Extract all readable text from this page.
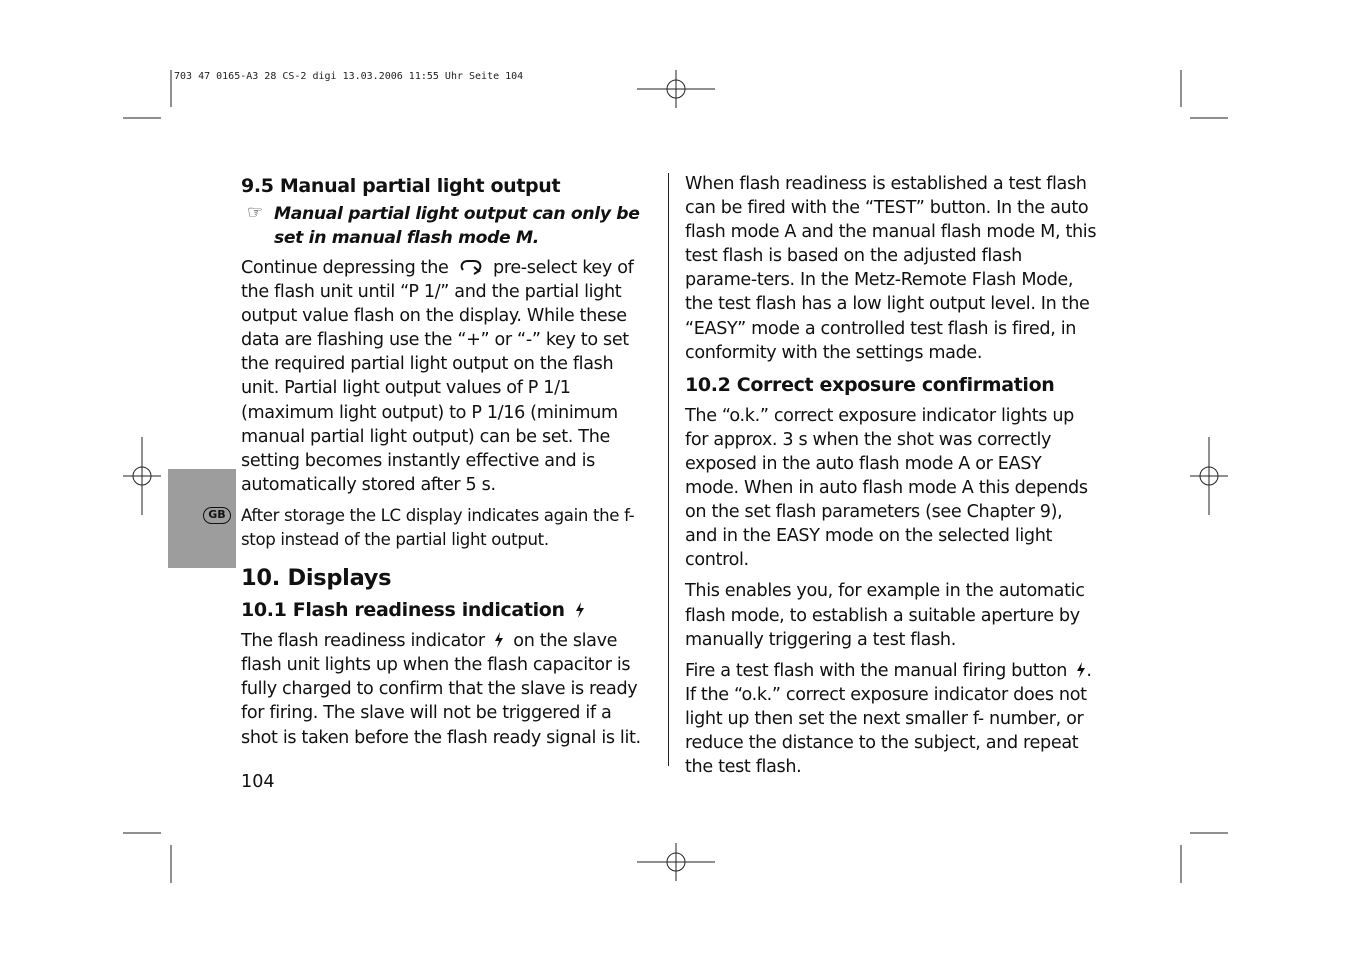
703 47 0165-A3 28 CS-2 digi 13.03.2006 11:55 Uhr Seite 104
GB
9.5 Manual partial light output
☞ Manual partial light output can only be set in manual flash mode M.

Continue depressing the	pre-select key of the flash unit until “P 1/” and the partial light output value flash on the display. While these data are flashing use the “+” or “-” key to set the required partial light output on the flash unit. Partial light output values of P 1/1 (maximum light output) to P 1/16 (minimum manual partial light output) can be set. The setting becomes instantly effective and is automatically stored after 5 s.

After storage the LC display indicates again the f-stop instead of the partial light output.

10. Displays
10.1 Flash readiness indication

The flash readiness indicator on the slave flash unit lights up when the flash capacitor is fully charged to confirm that the slave is ready for firing. The slave will not be triggered if a shot is taken before the flash ready signal is lit.

When flash readiness is established a test flash can be fired with the “TEST” button. In the auto flash mode A and the manual flash mode M, this test flash is based on the adjusted flash parame-ters. In the Metz-Remote Flash Mode, the test flash has a low light output level. In the “EASY” mode a controlled test flash is fired, in conformity with the settings made.

10.2 Correct exposure confirmation

The “o.k.” correct exposure indicator lights up for approx. 3 s when the shot was correctly exposed in the auto flash mode A or EASY mode. When in auto flash mode A this depends on the set flash parameters (see Chapter 9), and in the EASY mode on the selected light control.

This enables you, for example in the automatic flash mode, to establish a suitable aperture by manually triggering a test flash.

Fire a test flash with the manual firing button . If the “o.k.” correct exposure indicator does not light up then set the next smaller f- number, or reduce the distance to the subject, and repeat the test flash.

104
